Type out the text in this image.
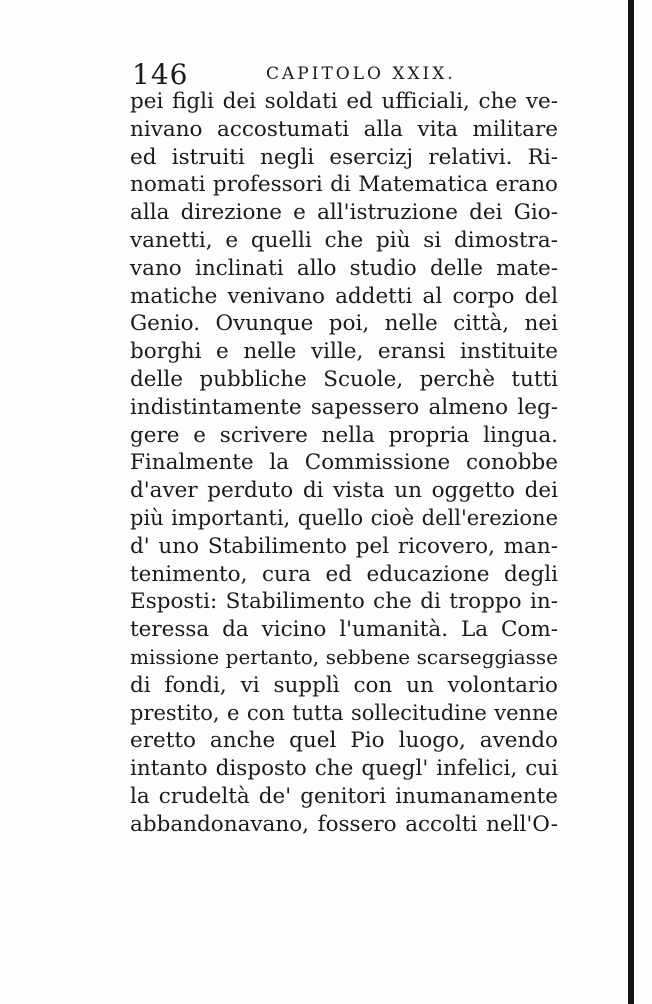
146	CAPITOLO XXIX.
pei figli dei soldati ed ufficiali, che ve-
nivano accostumati alla vita militare
ed istruiti negli esercizj relativi. Ri-
nomati professori di Matematica erano
alla direzione e all'istruzione dei Gio-
vanetti, e quelli che più si dimostra-
vano inclinati allo studio delle mate-
matiche venivano addetti al corpo del
Genio. Ovunque poi, nelle città, nei
borghi e nelle ville, eransi instituite
delle pubbliche Scuole, perchè tutti
indistintamente sapessero almeno leg-
gere e scrivere nella propria lingua.
Finalmente la Commissione conobbe
d'aver perduto di vista un oggetto dei
più importanti, quello cioè dell'erezione
d' uno Stabilimento pel ricovero, man-
tenimento, cura ed educazione degli
Esposti: Stabilimento che di troppo in-
teressa da vicino l'umanità. La Com-
missione pertanto, sebbene scarseggiasse
di fondi, vi supplì con un volontario
prestito, e con tutta sollecitudine venne
eretto anche quel Pio luogo, avendo
intanto disposto che quegl' infelici, cui
la crudeltà de' genitori inumanamente
abbandonavano, fossero accolti nell'O-
